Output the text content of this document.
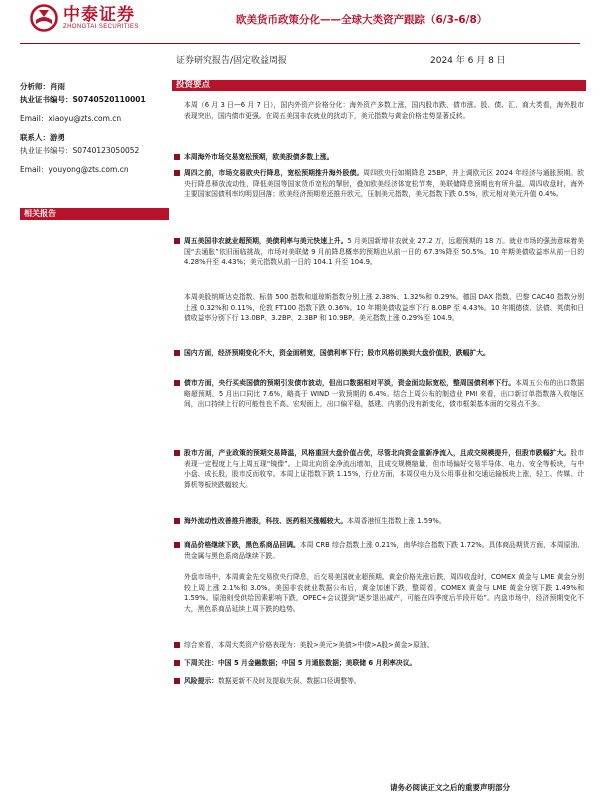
中泰证券
ZHONGTAI SECURITIES
欧美货币政策分化——全球大类资产跟踪（6/3-6/8）
证券研究报告/固定收益周报	2024 年 6 月 8 日
分析师：肖雨
执业证书编号：S0740520110001
Email：xiaoyu@zts.com.cn
联系人：游勇
执业证书编号：S0740123050052
Email：youyong@zts.com.cn
相关报告
投资要点
本周（6 月 3 日—6 月 7 日），国内外资产价格分化：海外资产多数上涨，国内股市跌、债市涨。股、债、汇、商大类看，海外股市表现突出，国内债市更强。在周五美国非农就业的扰动下，美元指数与黄金价格走势显著反转。
本周海外市场交易宽松预期，欧美股债多数上涨。
周四之前，市场交易欧央行降息，宽松预期推升海外股债。周四欧央行如期降息 25BP，并上调欧元区 2024 年经济与通胀预期。欧央行降息释放流动性，降低美国等国家货币宽松的掣肘，叠加欧美经济体宽松节奏，美联储降息预期也有所升温。周四收盘时，海外主要国家国债利率均明显回落；欧美经济预期差还推升欧元，压制美元指数，美元指数下跌 0.5%，欧元相对美元升值 0.4%。
周五美国非农就业超预期，美债利率与美元快速上升。5 月美国新增非农就业 27.2 万，远超预期的 18 万。就业市场的强劲意味着美国“去通胀”依旧面临挑战，市场对美联储 9 月前降息概率的预期也从前一日的 67.3%降至 50.5%。10 年期美债收益率从前一日的 4.28%升至 4.43%；美元指数从前一日的 104.1 升至 104.9。
本周美股纳斯达克指数、标普 500 指数和道琼斯指数分别上涨 2.38%、1.32%和 0.29%。德国 DAX 指数、巴黎 CAC40 指数分别上涨 0.32%和 0.11%，伦敦 FT100 指数下跌 0.36%。10 年期美债收益率下行 8.0BP 至 4.43%。10 年期德债、法债、英债和日债收益率分别下行 13.0BP、3.2BP、2.3BP 和 10.9BP。美元指数上涨 0.29%至 104.9。
国内方面，经济预期变化不大，资金面稍宽，国债利率下行；股市风格切换到大盘价值股，跌幅扩大。
债市方面，央行买卖国债的预期引发债市波动，但出口数据相对平淡，资金面边际宽松，整周国债利率下行。本周五公布的出口数据略超预期，5 月出口同比 7.6%，略高于 WIND 一致预期的 6.4%。结合上周公布的制造业 PMI 来看，出口新订单指数落入收缩区间，出口持续上行的可能性也不高。宏观面上，出口偏平稳，基建、内需仍没有新变化，债市框架基本面的交易点不多。
股市方面，产业政策的预期交易降温，风格重回大盘价值占优，尽管北向资金重新净流入，且成交规模提升，但股市跌幅扩大。股市表现一定程度上与上周五现“镜像”。上周北向资金净流出增加，且成交规模缩量，但市场偏好交易半导体、电力、安全等板块，与中小盘、成长股，股市反而收窄。本周上证指数下跌 1.15%，行业方面，本周仅电力及公用事业和交通运输板块上涨，轻工、传媒、计算机等板块跌幅较大。
海外流动性改善推升港股，科技、医药相关涨幅较大。本周香港恒生指数上涨 1.59%。
商品价格继续下跌，黑色系商品回调。本周 CRB 综合指数上涨 0.21%，南华综合指数下跌 1.72%。具体商品期货方面，本周原油、贵金属与黑色系商品继续下跌。
外盘市场中，本周黄金先交易欧央行降息，后交易美国就业超预期。黄金价格先涨后跌，周四收盘时，COMEX 黄金与 LME 黄金分别较上周上涨 2.1%和 3.0%。美国非农就业数据公布后，黄金加速下跌，整周看，COMEX 黄金与 LME 黄金分别下跌 1.49%和 1.59%。原油则受供给因素影响下跌，OPEC+会议提到“逐步退出减产，可能在四季度后半段开始”。内盘市场中，经济预期变化不大，黑色系商品延续上周下跌的趋势。
综合来看，本周大类资产价格表现为：美股>美元>美债>中债>A股>黄金>原油。
下周关注：中国 5 月金融数据；中国 5 月通胀数据；美联储 6 月利率决议。
风险提示：数据更新不及时及提取失误、数据口径调整等。
请务必阅读正文之后的重要声明部分
